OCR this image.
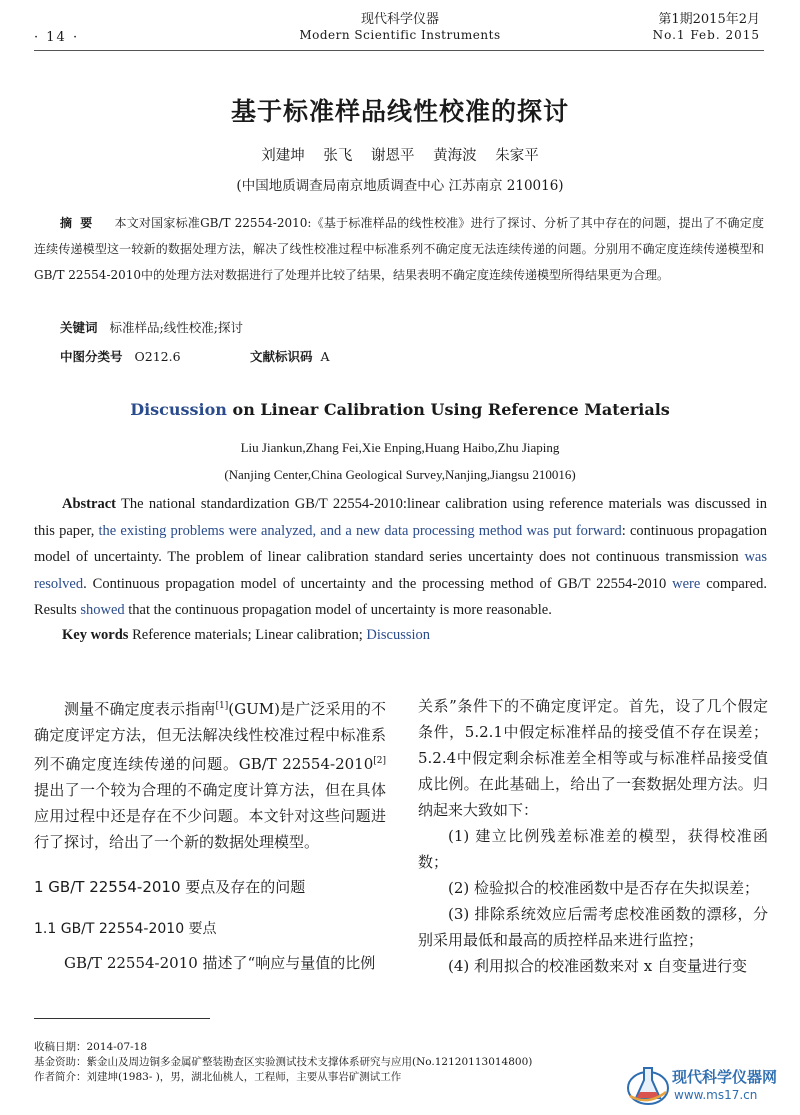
· 14 ·
现代科学仪器
Modern Scientific Instruments
第1期2015年2月
No.1 Feb. 2015
基于标准样品线性校准的探讨
刘建坤 张飞 谢恩平 黄海波 朱家平
(中国地质调查局南京地质调查中心 江苏南京 210016)
摘要 本文对国家标准GB/T 22554-2010:《基于标准样品的线性校准》进行了探讨、分析了其中存在的问题，提出了不确定度连续传递模型这一较新的数据处理方法，解决了线性校准过程中标准系列不确定度无法连续传递的问题。分别用不确定度连续传递模型和GB/T 22554-2010中的处理方法对数据进行了处理并比较了结果，结果表明不确定度连续传递模型所得结果更为合理。
关键词 标准样品;线性校准;探讨
中图分类号 O212.6	文献标识码 A
Discussion on Linear Calibration Using Reference Materials
Liu Jiankun,Zhang Fei,Xie Enping,Huang Haibo,Zhu Jiaping
(Nanjing Center,China Geological Survey,Nanjing,Jiangsu 210016)
Abstract The national standardization GB/T 22554-2010:linear calibration using reference materials was discussed in this paper, the existing problems were analyzed, and a new data processing method was put forward: continuous propagation model of uncertainty. The problem of linear calibration standard series uncertainty does not continuous transmission was resolved. Continuous propagation model of uncertainty and the processing method of GB/T 22554-2010 were compared. Results showed that the continuous propagation model of uncertainty is more reasonable.
Key words Reference materials; Linear calibration; Discussion
测量不确定度表示指南[1](GUM)是广泛采用的不确定度评定方法，但无法解决线性校准过程中标准系列不确定度连续传递的问题。GB/T 22554-2010[2]提出了一个较为合理的不确定度计算方法，但在具体应用过程中还是存在不少问题。本文针对这些问题进行了探讨，给出了一个新的数据处理模型。
1 GB/T 22554-2010 要点及存在的问题
1.1 GB/T 22554-2010 要点
GB/T 22554-2010 描述了“响应与量值的比例

关系”条件下的不确定度评定。首先，设了几个假定条件，5.2.1中假定标准样品的接受值不存在误差；5.2.4中假定剩余标准差全相等或与标准样品接受值成比例。在此基础上，给出了一套数据处理方法。归纳起来大致如下：

(1) 建立比例残差标准差的模型，获得校准函数；

(2) 检验拟合的校准函数中是否存在失拟误差；

(3) 排除系统效应后需考虑校准函数的漂移，分别采用最低和最高的质控样品来进行监控；

(4) 利用拟合的校准函数来对 x 自变量进行变

收稿日期：2014-07-18
基金资助：紫金山及周边铜多金属矿整装勘查区实验测试技术支撑体系研究与应用(No.12120113014800)
作者简介：刘建坤(1983- )，男，湖北仙桃人，工程师，主要从事岩矿测试工作	现代科学仪器网
www.ms17.cn
